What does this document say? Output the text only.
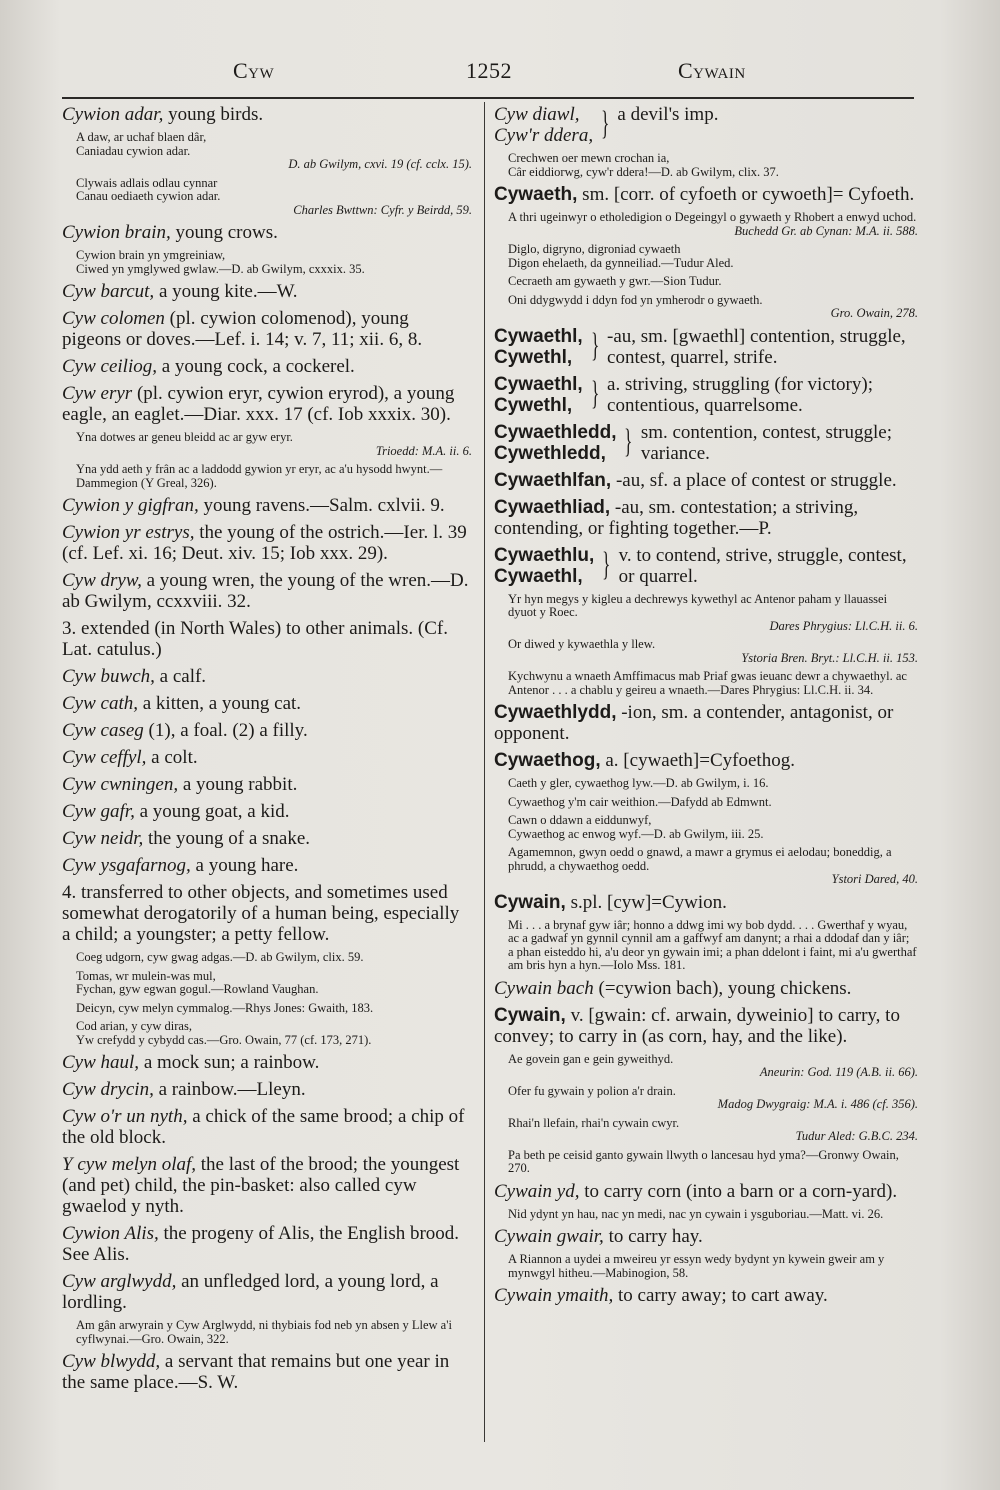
Cyw	1252	Cywain
Cywion adar, young birds.
A daw, ar uchaf blaen dâr,
Caniadau cywion adar.
D. ab Gwilym, cxvi. 19 (cf. cclx. 15).
Clywais adlais odlau cynnar
Canau oediaeth cywion adar.
Charles Bwttwn: Cyfr. y Beirdd, 59.
Cywion brain, young crows.
Cywion brain yn ymgreiniaw,
Ciwed yn ymglywed gwlaw.—D. ab Gwilym, cxxxix. 35.
Cyw barcut, a young kite.—W.
Cyw colomen (pl. cywion colomenod), young pigeons or doves.—Lef. i. 14; v. 7, 11; xii. 6, 8.
Cyw ceiliog, a young cock, a cockerel.
Cyw eryr (pl. cywion eryr, cywion eryrod), a young eagle, an eaglet.—Diar. xxx. 17 (cf. Iob xxxix. 30).
Yna dotwes ar geneu bleidd ac ar gyw eryr.
Trioedd: M.A. ii. 6.
Yna ydd aeth y frân ac a laddodd gywion yr eryr, ac a'u hysodd hwynt.—Dammegion (Y Greal, 326).
Cywion y gigfran, young ravens.—Salm. cxlvii. 9.
Cywion yr estrys, the young of the ostrich.—Ier. l. 39 (cf. Lef. xi. 16; Deut. xiv. 15; Iob xxx. 29).
Cyw dryw, a young wren, the young of the wren.—D. ab Gwilym, ccxxviii. 32.
3. extended (in North Wales) to other animals. (Cf. Lat. catulus.)
Cyw buwch, a calf.
Cyw cath, a kitten, a young cat.
Cyw caseg (1), a foal. (2) a filly.
Cyw ceffyl, a colt.
Cyw cwningen, a young rabbit.
Cyw gafr, a young goat, a kid.
Cyw neidr, the young of a snake.
Cyw ysgafarnog, a young hare.
4. transferred to other objects, and sometimes used somewhat derogatorily of a human being, especially a child; a youngster; a petty fellow.
Coeg udgorn, cyw gwag adgas.—D. ab Gwilym, clix. 59.
Tomas, wr mulein-was mul,
Fychan, gyw egwan gogul.—Rowland Vaughan.
Deicyn, cyw melyn cymmalog.—Rhys Jones: Gwaith, 183.
Cod arian, y cyw diras,
Yw crefydd y cybydd cas.—Gro. Owain, 77 (cf. 173, 271).
Cyw haul, a mock sun; a rainbow.
Cyw drycin, a rainbow.—Lleyn.
Cyw o'r un nyth, a chick of the same brood; a chip of the old block.
Y cyw melyn olaf, the last of the brood; the youngest (and pet) child, the pin-basket: also called cyw gwaelod y nyth.
Cywion Alis, the progeny of Alis, the English brood. See Alis.
Cyw arglwydd, an unfledged lord, a young lord, a lordling.
Am gân arwyrain y Cyw Arglwydd, ni thybiais fod neb yn absen y Llew a'i cyflwynai.—Gro. Owain, 322.
Cyw blwydd, a servant that remains but one year in the same place.—S. W.
Cyw diawl,
Cyw'r ddera, } a devil's imp.
Crechwen oer mewn crochan ia,
Câr eiddiorwg, cyw'r ddera!—D. ab Gwilym, clix. 37.
Cywaeth, sm. [corr. of cyfoeth or cywoeth]= Cyfoeth.
A thri ugeinwyr o etholedigion o Degeingyl o gywaeth y Rhobert a enwyd uchod.
Buchedd Gr. ab Cynan: M.A. ii. 588.
Diglo, digryno, digroniad cywaeth
Digon ehelaeth, da gynneiliad.—Tudur Aled.
Cecraeth am gywaeth y gwr.—Sion Tudur.
Oni ddygwydd i ddyn fod yn ymherodr o gywaeth.
Gro. Owain, 278.
Cywaethl,
Cywethl, } -au, sm. [gwaethl] contention, struggle, contest, quarrel, strife.
Cywaethl,
Cywethl, } a. striving, struggling (for victory); contentious, quarrelsome.
Cywaethledd,
Cywethledd, } sm. contention, contest, struggle; variance.
Cywaethlfan, -au, sf. a place of contest or struggle.
Cywaethliad, -au, sm. contestation; a striving, contending, or fighting together.—P.
Cywaethlu,
Cywaethl, } v. to contend, strive, struggle, contest, or quarrel.
Yr hyn megys y kigleu a dechrewys kywethyl ac Antenor paham y llauassei dyuot y Roec.
Dares Phrygius: Ll.C.H. ii. 6.
Or diwed y kywaethla y llew.
Ystoria Bren. Bryt.: Ll.C.H. ii. 153.
Kychwynu a wnaeth Amffimacus mab Priaf gwas ieuanc dewr a chywaethyl. ac Antenor . . . a chablu y geireu a wnaeth.—Dares Phrygius: Ll.C.H. ii. 34.
Cywaethlydd, -ion, sm. a contender, antagonist, or opponent.
Cywaethog, a. [cywaeth]=Cyfoethog.
Caeth y gler, cywaethog lyw.—D. ab Gwilym, i. 16.
Cywaethog y'm cair weithion.—Dafydd ab Edmwnt.
Cawn o ddawn a eiddunwyf,
Cywaethog ac enwog wyf.—D. ab Gwilym, iii. 25.
Agamemnon, gwyn oedd o gnawd, a mawr a grymus ei aelodau; boneddig, a phrudd, a chywaethog oedd.
Ystori Dared, 40.
Cywain, s.pl. [cyw]=Cywion.
Mi . . . a brynaf gyw iâr; honno a ddwg imi wy bob dydd. . . . Gwerthaf y wyau, ac a gadwaf yn gynnil cynnil am a gaffwyf am danynt; a rhai a ddodaf dan y iâr; a phan eisteddo hi, a'u deor yn gywain imi; a phan ddelont i faint, mi a'u gwerthaf am bris hyn a hyn.—Iolo Mss. 181.
Cywain bach (=cywion bach), young chickens.
Cywain, v. [gwain: cf. arwain, dyweinio] to carry, to convey; to carry in (as corn, hay, and the like).
Ae govein gan e gein gyweithyd.
Aneurin: God. 119 (A.B. ii. 66).
Ofer fu gywain y polion a'r drain.
Madog Dwygraig: M.A. i. 486 (cf. 356).
Rhai'n llefain, rhai'n cywain cwyr.
Tudur Aled: G.B.C. 234.
Pa beth pe ceisid ganto gywain llwyth o lancesau hyd yma?—Gronwy Owain, 270.
Cywain yd, to carry corn (into a barn or a corn-yard).
Nid ydynt yn hau, nac yn medi, nac yn cywain i ysguboriau.—Matt. vi. 26.
Cywain gwair, to carry hay.
A Riannon a uydei a mweireu yr essyn wedy bydynt yn kywein gweir am y mynwgyl hitheu.—Mabinogion, 58.
Cywain ymaith, to carry away; to cart away.
